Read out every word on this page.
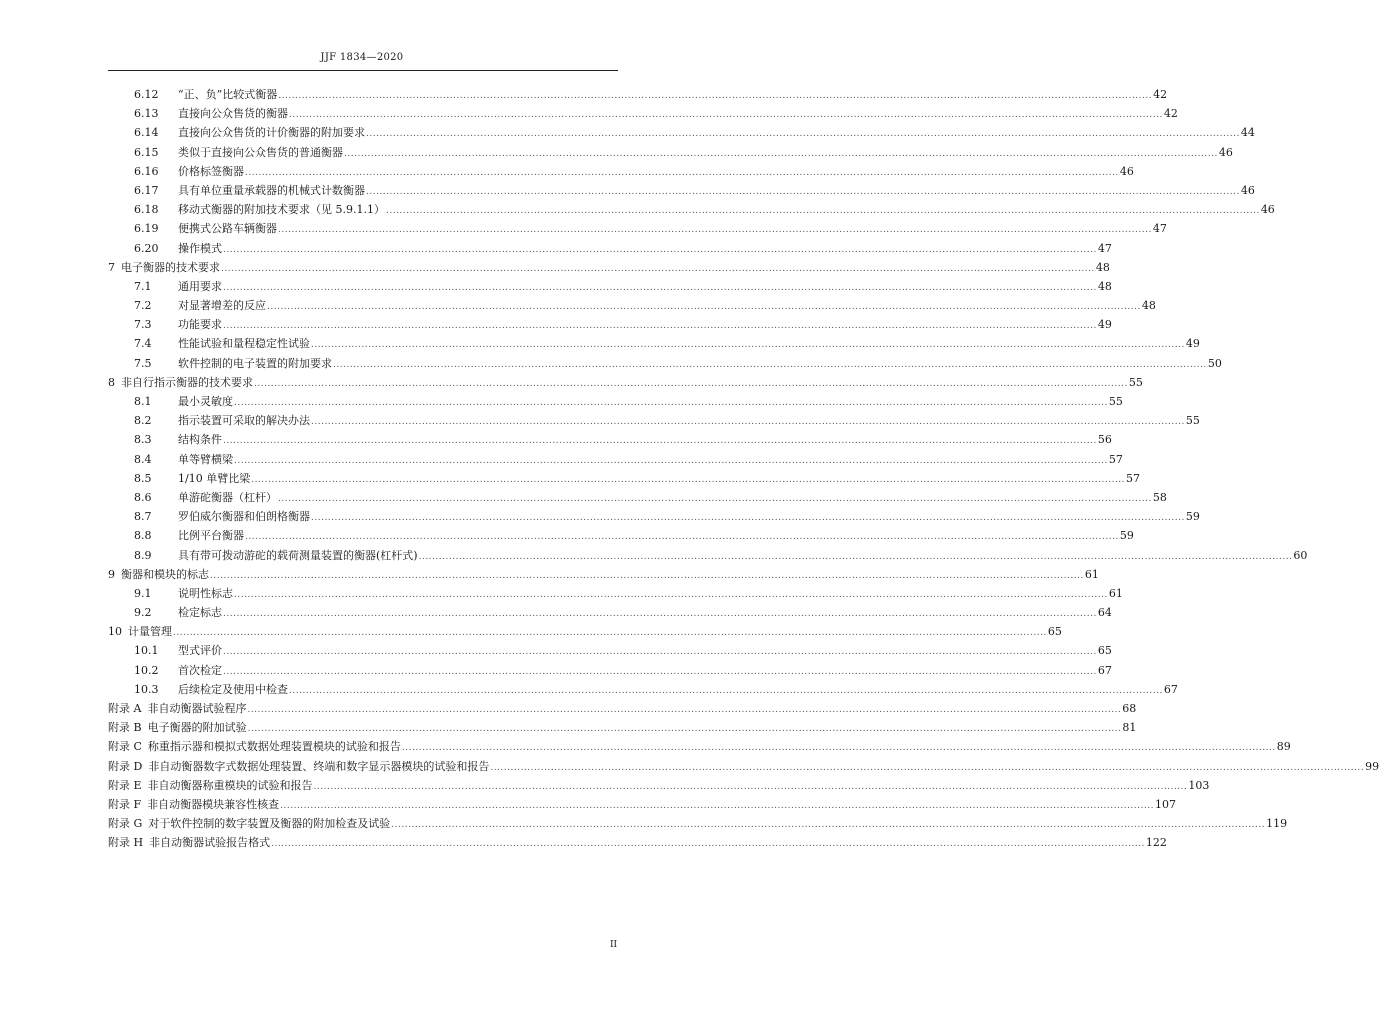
JJF 1834—2020
6.12	“正、负”比较式衡器 .................................................................................................................................................................................................................................................................... 42
6.13	直接向公众售货的衡器 .................................................................................................................................................................................................................................................................... 42
6.14	直接向公众售货的计价衡器的附加要求 .................................................................................................................................................................................................................................................................... 44
6.15	类似于直接向公众售货的普通衡器 .................................................................................................................................................................................................................................................................... 46
6.16	价格标签衡器 .................................................................................................................................................................................................................................................................... 46
6.17	具有单位重量承载器的机械式计数衡器 .................................................................................................................................................................................................................................................................... 46
6.18	移动式衡器的附加技术要求（见 5.9.1.1） .................................................................................................................................................................................................................................................................... 46
6.19	便携式公路车辆衡器 .................................................................................................................................................................................................................................................................... 47
6.20	操作模式 .................................................................................................................................................................................................................................................................... 47
7 电子衡器的技术要求 .................................................................................................................................................................................................................................................................... 48
7.1	通用要求 .................................................................................................................................................................................................................................................................... 48
7.2	对显著增差的反应 .................................................................................................................................................................................................................................................................... 48
7.3	功能要求 .................................................................................................................................................................................................................................................................... 49
7.4	性能试验和量程稳定性试验 .................................................................................................................................................................................................................................................................... 49
7.5	软件控制的电子装置的附加要求 .................................................................................................................................................................................................................................................................... 50
8 非自行指示衡器的技术要求 .................................................................................................................................................................................................................................................................... 55
8.1	最小灵敏度 .................................................................................................................................................................................................................................................................... 55
8.2	指示装置可采取的解决办法 .................................................................................................................................................................................................................................................................... 55
8.3	结构条件 .................................................................................................................................................................................................................................................................... 56
8.4	单等臂横梁 .................................................................................................................................................................................................................................................................... 57
8.5	1/10 单臂比梁 .................................................................................................................................................................................................................................................................... 57
8.6	单游砣衡器（杠杆） .................................................................................................................................................................................................................................................................... 58
8.7	罗伯威尔衡器和伯朗格衡器 .................................................................................................................................................................................................................................................................... 59
8.8	比例平台衡器 .................................................................................................................................................................................................................................................................... 59
8.9	具有带可拨动游砣的载荷测量装置的衡器(杠杆式) .................................................................................................................................................................................................................................................................... 60
9 衡器和模块的标志 .................................................................................................................................................................................................................................................................... 61
9.1	说明性标志 .................................................................................................................................................................................................................................................................... 61
9.2	检定标志 .................................................................................................................................................................................................................................................................... 64
10 计量管理 .................................................................................................................................................................................................................................................................... 65
10.1	型式评价 .................................................................................................................................................................................................................................................................... 65
10.2	首次检定 .................................................................................................................................................................................................................................................................... 67
10.3	后续检定及使用中检查 .................................................................................................................................................................................................................................................................... 67
附录 A 非自动衡器试验程序 .................................................................................................................................................................................................................................................................... 68
附录 B 电子衡器的附加试验 .................................................................................................................................................................................................................................................................... 81
附录 C 称重指示器和模拟式数据处理装置模块的试验和报告 .................................................................................................................................................................................................................................................................... 89
附录 D 非自动衡器数字式数据处理装置、终端和数字显示器模块的试验和报告 .................................................................................................................................................................................................................................................................... 99
附录 E 非自动衡器称重模块的试验和报告 .................................................................................................................................................................................................................................................................... 103
附录 F 非自动衡器模块兼容性核查 .................................................................................................................................................................................................................................................................... 107
附录 G 对于软件控制的数字装置及衡器的附加检查及试验 .................................................................................................................................................................................................................................................................... 119
附录 H 非自动衡器试验报告格式 .................................................................................................................................................................................................................................................................... 122
II
